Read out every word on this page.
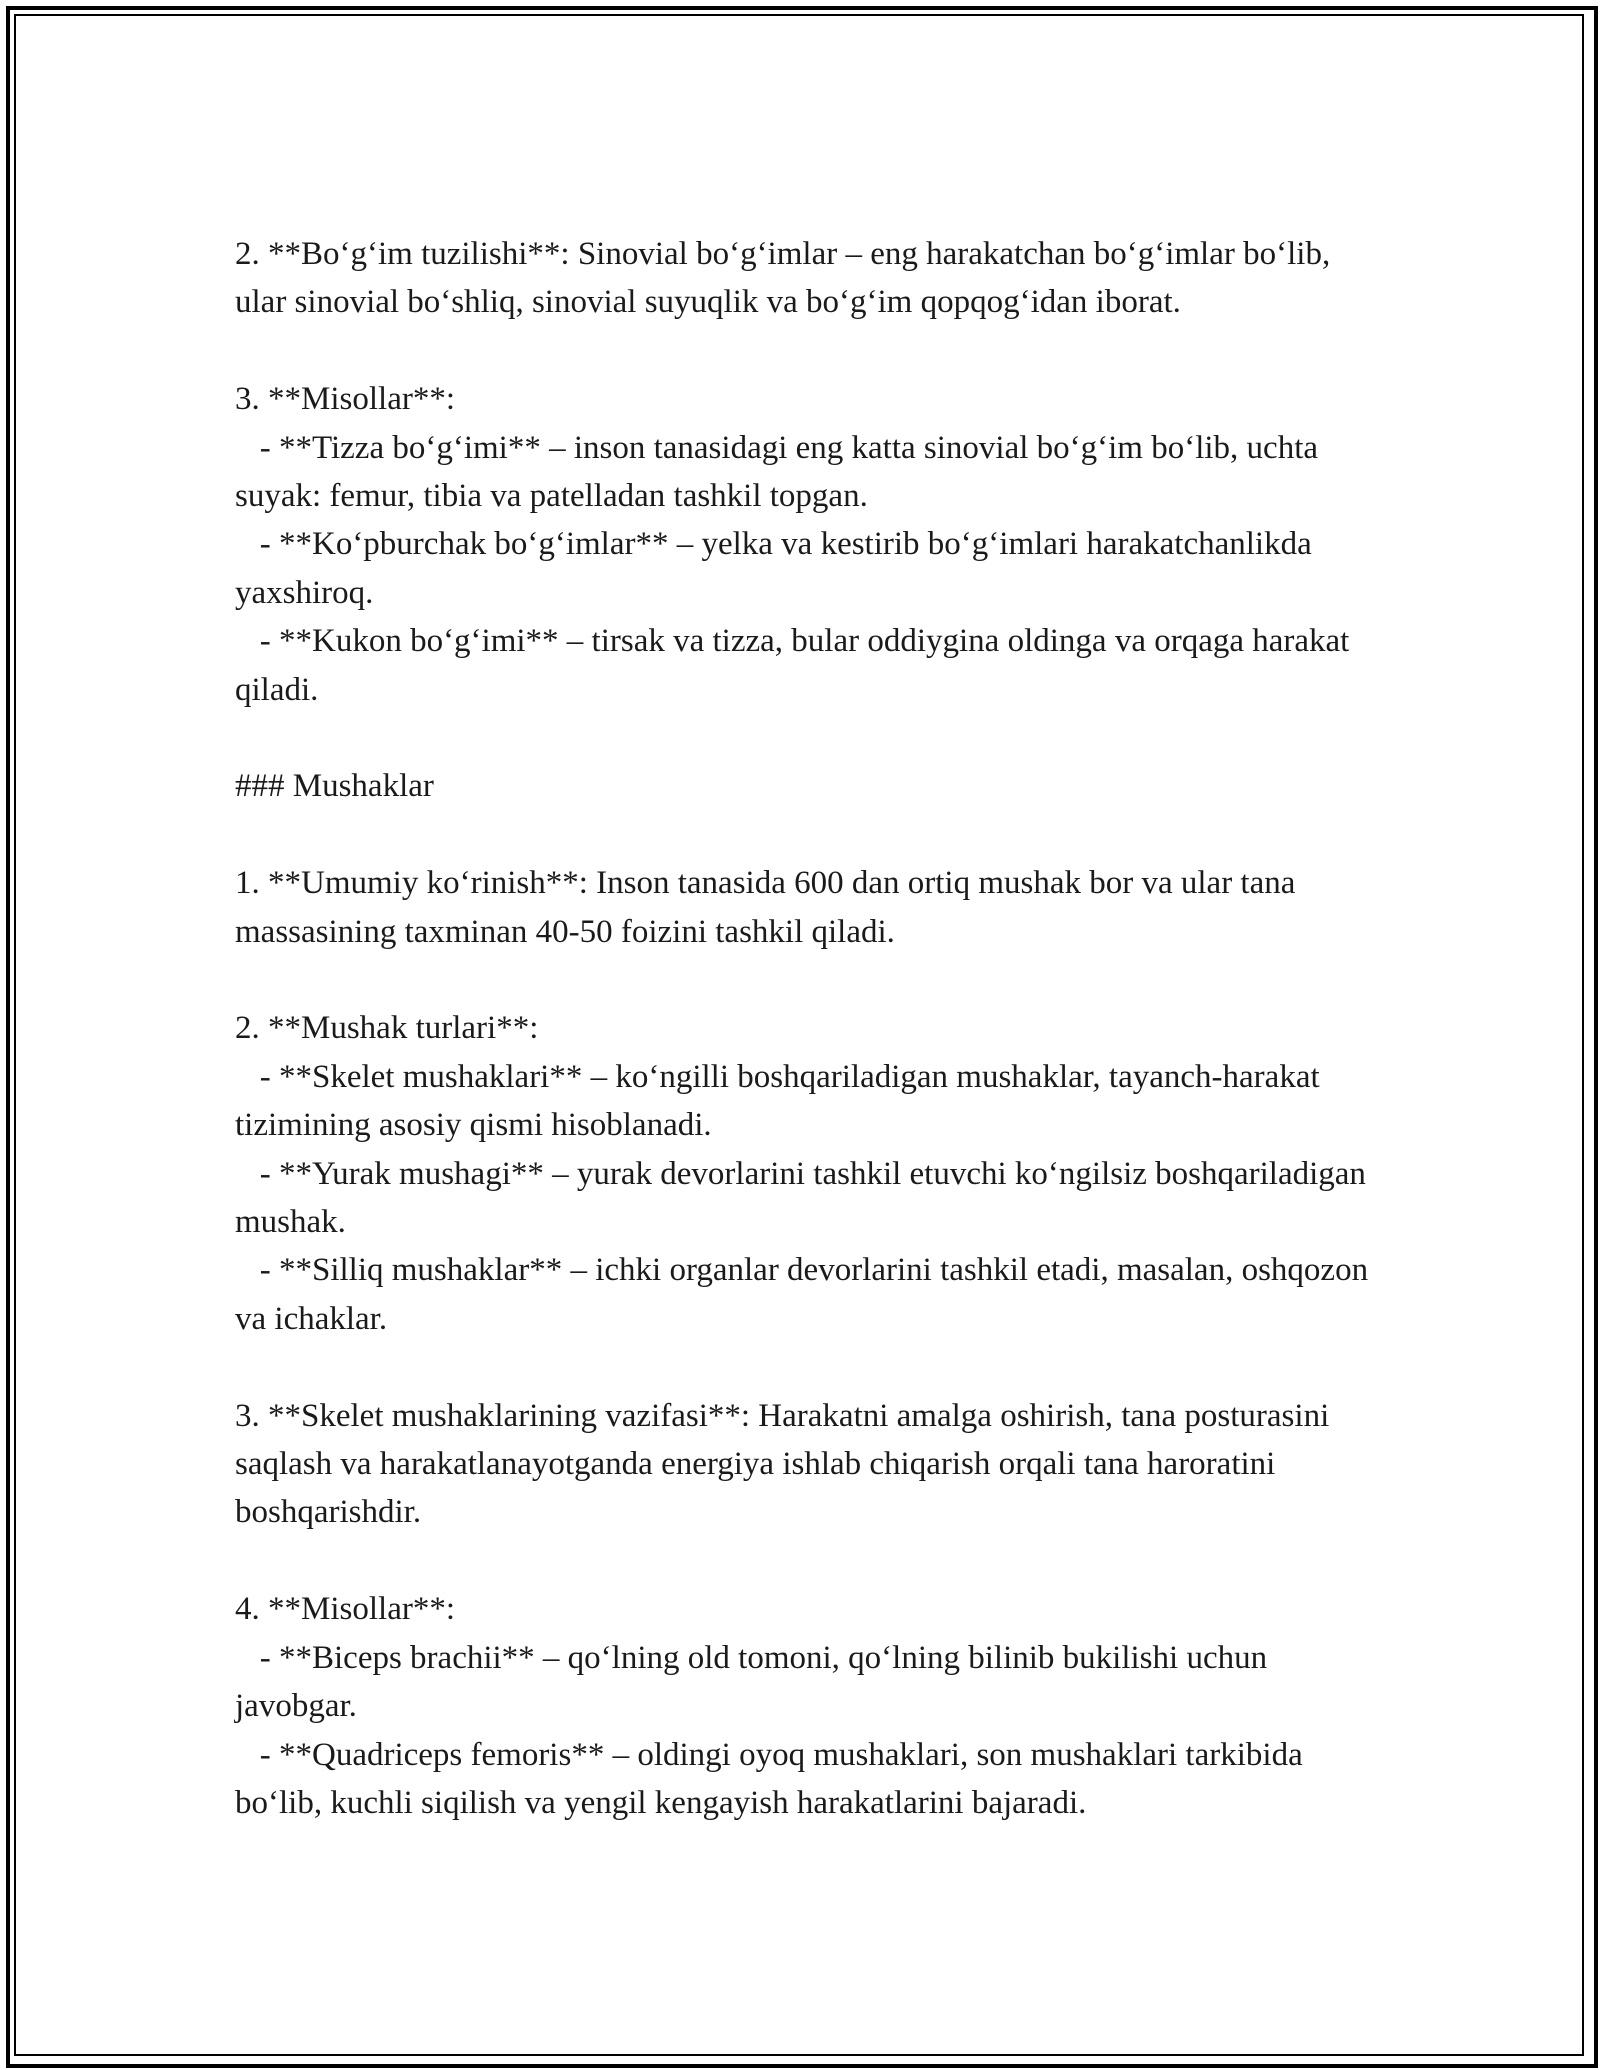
2. **Bo‘g‘im tuzilishi**: Sinovial bo‘g‘imlar – eng harakatchan bo‘g‘imlar bo‘lib, ular sinovial bo‘shliq, sinovial suyuqlik va bo‘g‘im qopqog‘idan iborat.

3. **Misollar**:
- **Tizza bo‘g‘imi** – inson tanasidagi eng katta sinovial bo‘g‘im bo‘lib, uchta suyak: femur, tibia va patelladan tashkil topgan.
- **Ko‘pburchak bo‘g‘imlar** – yelka va kestirib bo‘g‘imlari harakatchanlikda yaxshiroq.
- **Kukon bo‘g‘imi** – tirsak va tizza, bular oddiygina oldinga va orqaga harakat qiladi.

### Mushaklar

1. **Umumiy ko‘rinish**: Inson tanasida 600 dan ortiq mushak bor va ular tana massasining taxminan 40-50 foizini tashkil qiladi.

2. **Mushak turlari**:
- **Skelet mushaklari** – ko‘ngilli boshqariladigan mushaklar, tayanch-harakat tizimining asosiy qismi hisoblanadi.
- **Yurak mushagi** – yurak devorlarini tashkil etuvchi ko‘ngilsiz boshqariladigan mushak.
- **Silliq mushaklar** – ichki organlar devorlarini tashkil etadi, masalan, oshqozon va ichaklar.

3. **Skelet mushaklarining vazifasi**: Harakatni amalga oshirish, tana posturasini saqlash va harakatlanayotganda energiya ishlab chiqarish orqali tana haroratini boshqarishdir.

4. **Misollar**:
- **Biceps brachii** – qo‘lning old tomoni, qo‘lning bilinib bukilishi uchun javobgar.
- **Quadriceps femoris** – oldingi oyoq mushaklari, son mushaklari tarkibida bo‘lib, kuchli siqilish va yengil kengayish harakatlarini bajaradi.
